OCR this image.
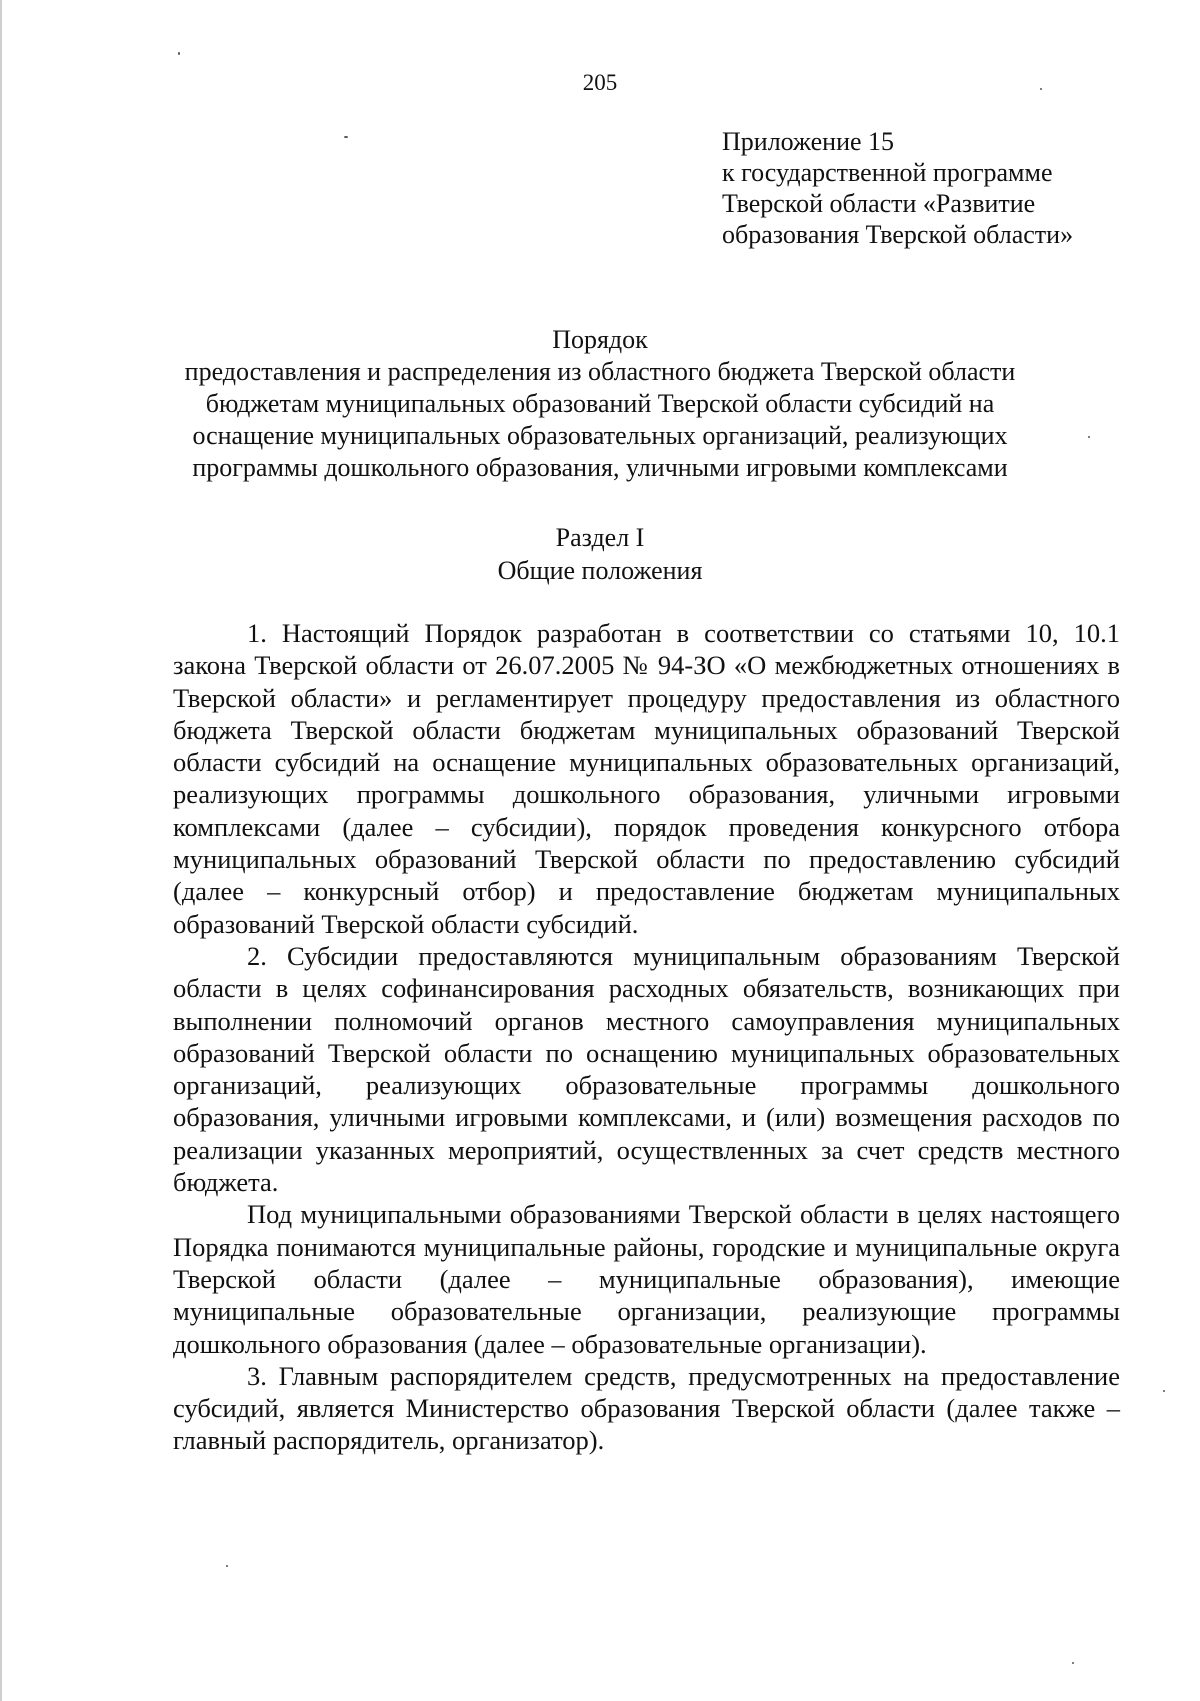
205
Приложение 15
к государственной программе
Тверской области «Развитие
образования Тверской области»
Порядок
предоставления и распределения из областного бюджета Тверской области
бюджетам муниципальных образований Тверской области субсидий на
оснащение муниципальных образовательных организаций, реализующих
программы дошкольного образования, уличными игровыми комплексами
Раздел I
Общие положения

1. Настоящий Порядок разработан в соответствии со статьями 10, 10.1 закона Тверской области от 26.07.2005 № 94-ЗО «О межбюджетных отношениях в Тверской области» и регламентирует процедуру предоставления из областного бюджета Тверской области бюджетам муниципальных образований Тверской области субсидий на оснащение муниципальных образовательных организаций, реализующих программы дошкольного образования, уличными игровыми комплексами (далее – субсидии), порядок проведения конкурсного отбора муниципальных образований Тверской области по предоставлению субсидий (далее – конкурсный отбор) и предоставление бюджетам муниципальных образований Тверской области субсидий.

2. Субсидии предоставляются муниципальным образованиям Тверской области в целях софинансирования расходных обязательств, возникающих при выполнении полномочий органов местного самоуправления муниципальных образований Тверской области по оснащению муниципальных образовательных организаций, реализующих образовательные программы дошкольного образования, уличными игровыми комплексами, и (или) возмещения расходов по реализации указанных мероприятий, осуществленных за счет средств местного бюджета.

Под муниципальными образованиями Тверской области в целях настоящего Порядка понимаются муниципальные районы, городские и муниципальные округа Тверской области (далее – муниципальные образования), имеющие муниципальные образовательные организации, реализующие программы дошкольного образования (далее – образовательные организации).

3. Главным распорядителем средств, предусмотренных на предоставление субсидий, является Министерство образования Тверской области (далее также – главный распорядитель, организатор).
